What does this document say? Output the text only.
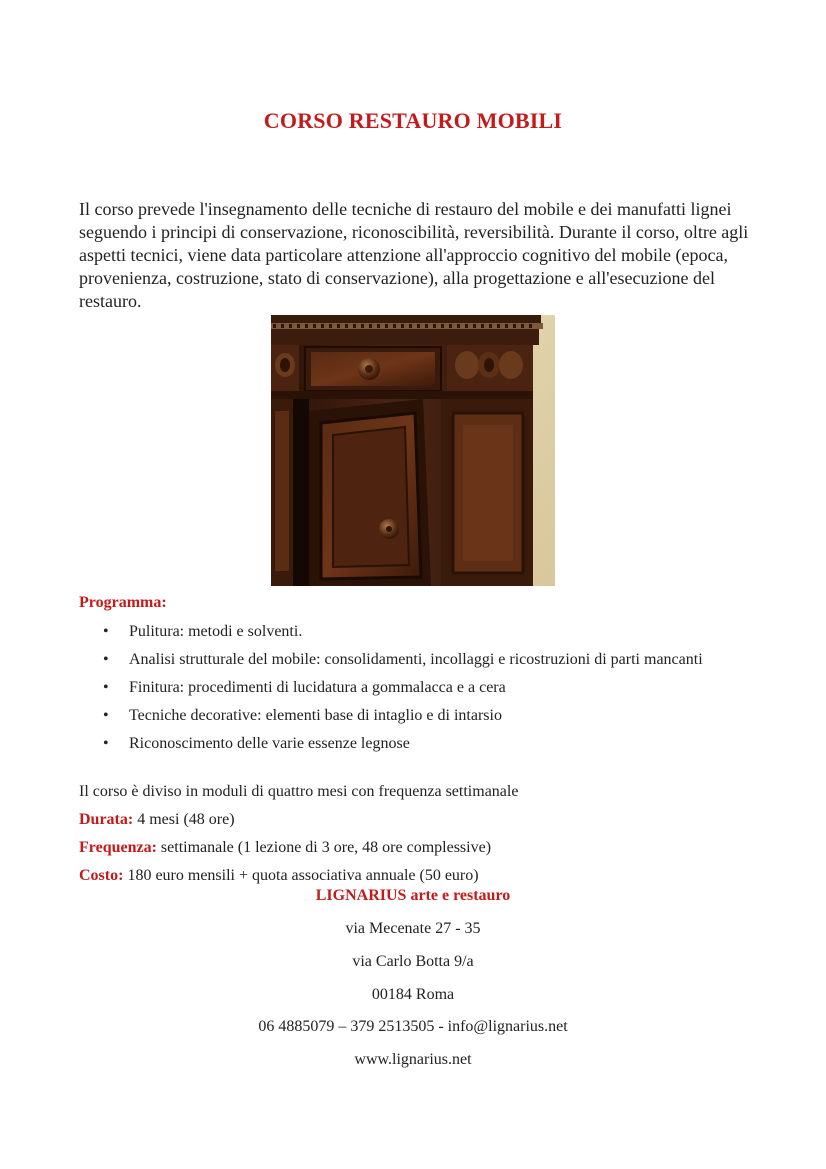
CORSO RESTAURO MOBILI

Il corso prevede l'insegnamento delle tecniche di restauro del mobile e dei manufatti lignei seguendo i principi di conservazione, riconoscibilità, reversibilità. Durante il corso, oltre agli aspetti tecnici, viene data particolare attenzione all'approccio cognitivo del mobile (epoca, provenienza, costruzione, stato di conservazione), alla progettazione e all'esecuzione del restauro.

Programma:
• Pulitura: metodi e solventi.
• Analisi strutturale del mobile: consolidamenti, incollaggi e ricostruzioni di parti mancanti
• Finitura: procedimenti di lucidatura a gommalacca e a cera
• Tecniche decorative: elementi base di intaglio e di intarsio
• Riconoscimento delle varie essenze legnose

Il corso è diviso in moduli di quattro mesi con frequenza settimanale

Durata: 4 mesi (48 ore)

Frequenza: settimanale (1 lezione di 3 ore, 48 ore complessive)

Costo: 180 euro mensili + quota associativa annuale (50 euro)

LIGNARIUS arte e restauro

via Mecenate 27 - 35

via Carlo Botta 9/a

00184 Roma

06 4885079 – 379 2513505 - info@lignarius.net

www.lignarius.net
